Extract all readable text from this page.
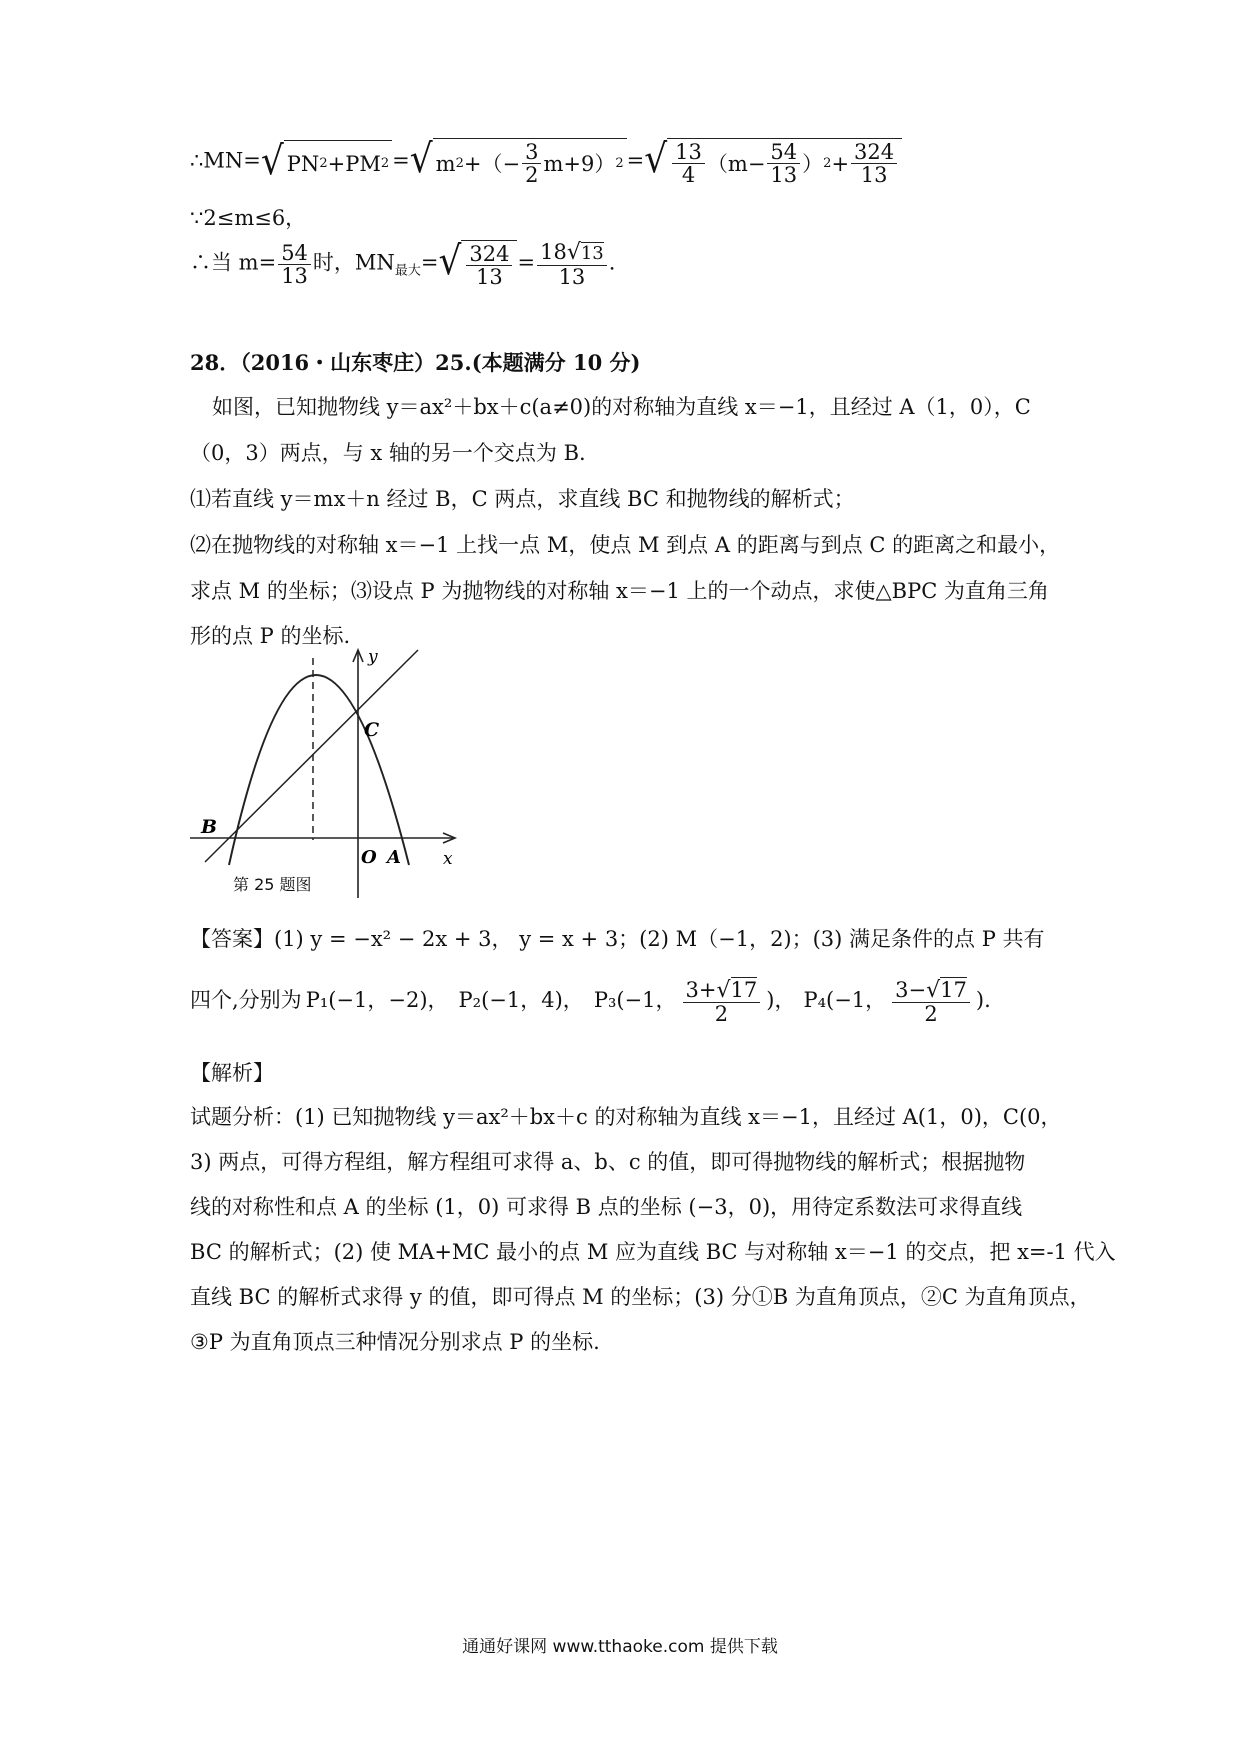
∴MN= √ PN 2 +PM 2 = √ m 2 +（− $\frac{3}{2} m+9$） 2 = √ $\frac{13}{4} (m- \frac{54}{13}$ ） $2 + \frac{324}{13}$
∵2≤m≤6，
∴当 $m= \frac{54}{13}$ 时，$MN_{最大}=$ √ $\frac{324}{13} = \frac{18 √ 13}{13}$ .
28．（2016・山东枣庄）25.(本题满分 10 分)
如图，已知抛物线 y＝ax²＋bx＋c(a≠0)的对称轴为直线 x＝−1，且经过 A（1，0），C
（0，3）两点，与 x 轴的另一个交点为 B.
⑴若直线 y＝mx＋n 经过 B，C 两点，求直线 BC 和抛物线的解析式；
⑵在抛物线的对称轴 x＝−1 上找一点 M，使点 M 到点 A 的距离与到点 C 的距离之和最小，
求点 M 的坐标；⑶设点 P 为抛物线的对称轴 x＝−1 上的一个动点，求使△BPC 为直角三角
形的点 P 的坐标.
y
x
C
B
O A
第 25 题图
【答案】(1) y = −x² − 2x + 3， y = x + 3；(2) M（−1，2)；(3) 满足条件的点 P 共有
四个,分别为 P₁(−1，−2)， P₂(−1，4)， P₃(−1， $\frac{3+√17}{2}$ )， P₄(−1， $\frac{3-√17}{2}$ ).
【解析】
试题分析：(1) 已知抛物线 y＝ax²＋bx＋c 的对称轴为直线 x＝−1，且经过 A(1，0)，C(0，
3) 两点，可得方程组，解方程组可求得 a、b、c 的值，即可得抛物线的解析式；根据抛物
线的对称性和点 A 的坐标 (1，0) 可求得 B 点的坐标 (−3，0)，用待定系数法可求得直线
BC 的解析式；(2) 使 MA+MC 最小的点 M 应为直线 BC 与对称轴 x＝−1 的交点，把 x=-1 代入
直线 BC 的解析式求得 y 的值，即可得点 M 的坐标；(3) 分①B 为直角顶点，②C 为直角顶点，
③P 为直角顶点三种情况分别求点 P 的坐标.
通通好课网 www.tthaoke.com 提供下载
